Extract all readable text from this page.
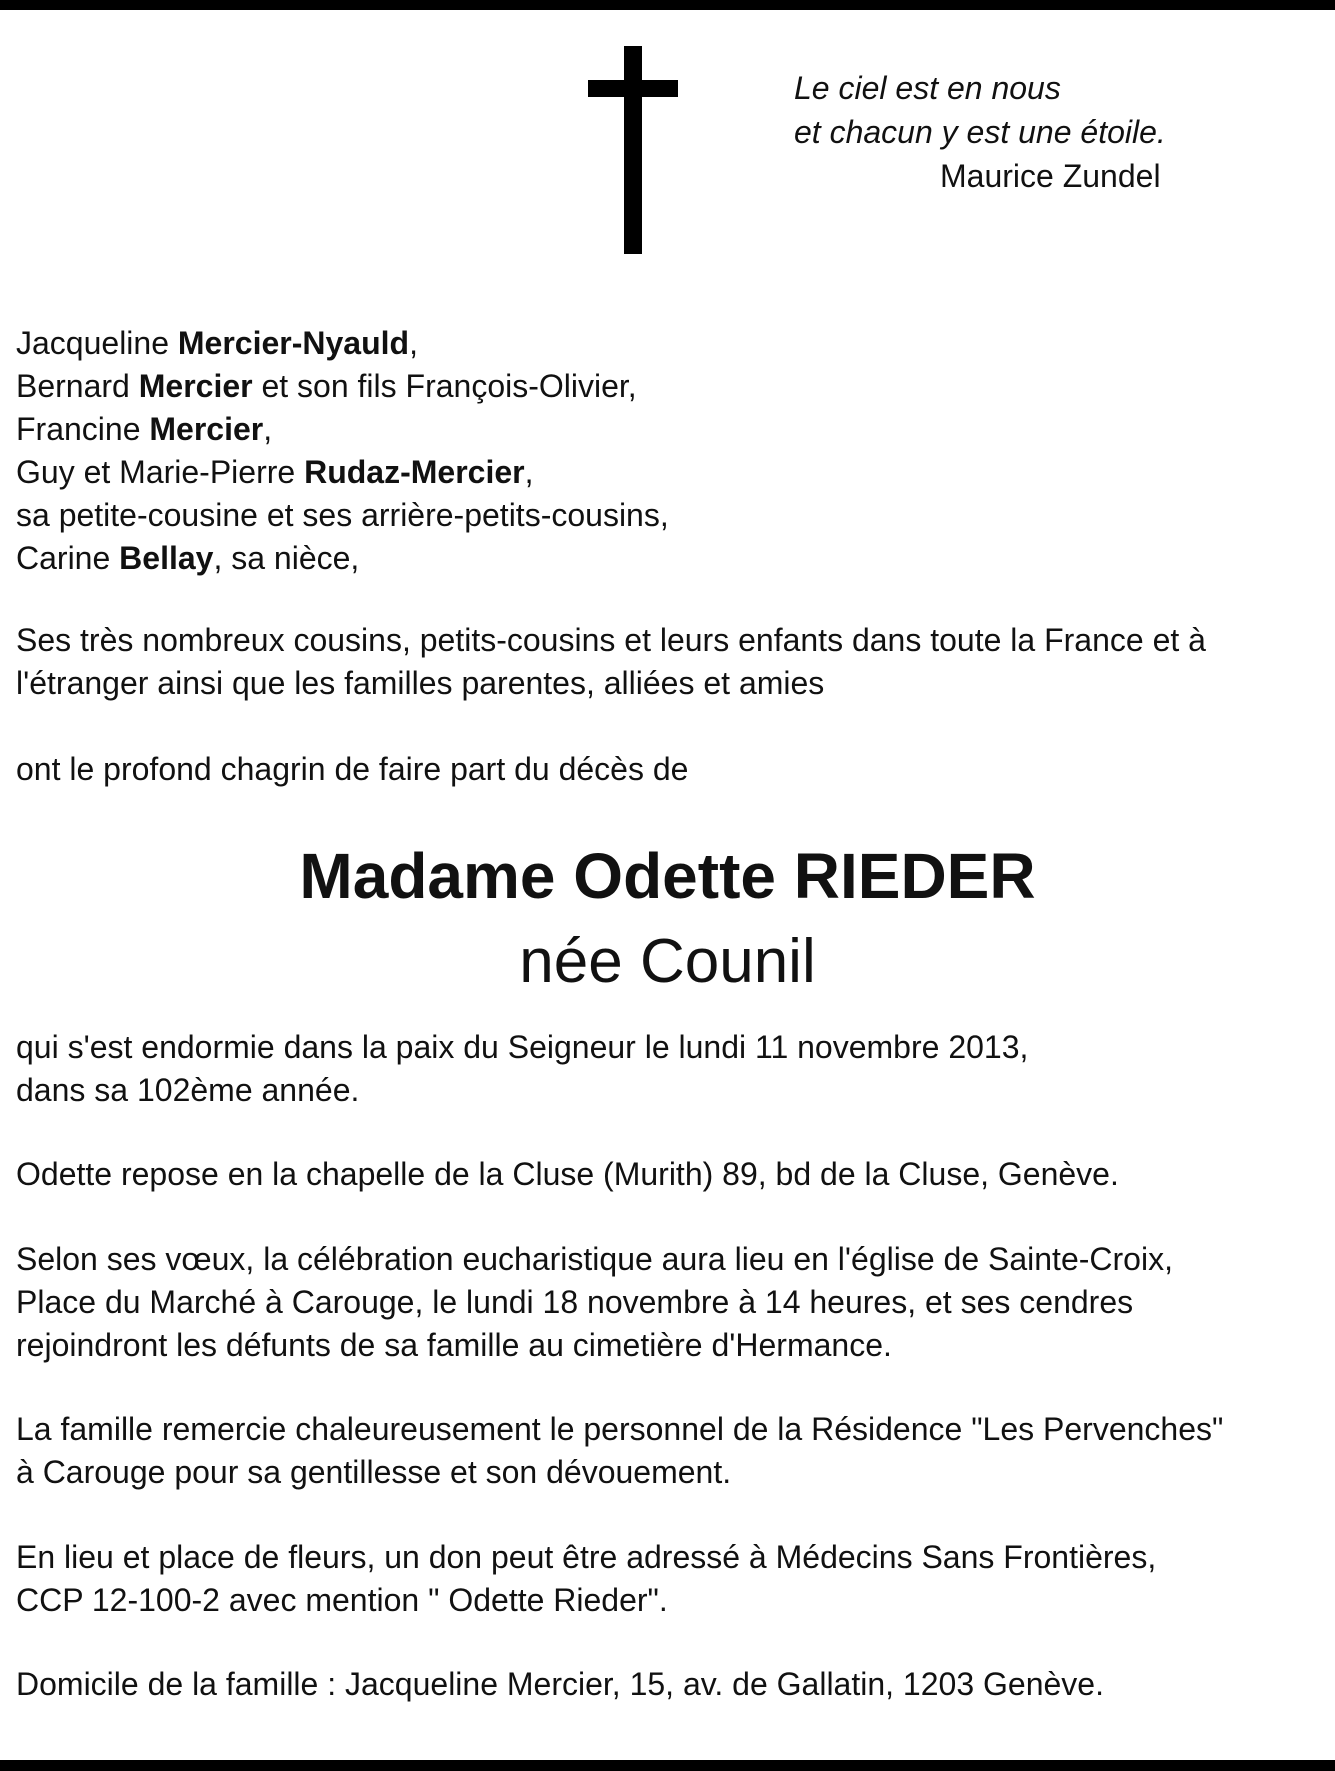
Le ciel est en nous
et chacun y est une étoile.
Maurice Zundel
Jacqueline Mercier-Nyauld,
Bernard Mercier et son fils François-Olivier,
Francine Mercier,
Guy et Marie-Pierre Rudaz-Mercier,
sa petite-cousine et ses arrière-petits-cousins,
Carine Bellay, sa nièce,
Ses très nombreux cousins, petits-cousins et leurs enfants dans toute la France et à
l'étranger ainsi que les familles parentes, alliées et amies
ont le profond chagrin de faire part du décès de
Madame Odette RIEDER
née Counil
qui s'est endormie dans la paix du Seigneur le lundi 11 novembre 2013,
dans sa 102ème année.
Odette repose en la chapelle de la Cluse (Murith) 89, bd de la Cluse, Genève.
Selon ses vœux, la célébration eucharistique aura lieu en l'église de Sainte-Croix,
Place du Marché à Carouge, le lundi 18 novembre à 14 heures, et ses cendres
rejoindront les défunts de sa famille au cimetière d'Hermance.
La famille remercie chaleureusement le personnel de la Résidence "Les Pervenches"
à Carouge pour sa gentillesse et son dévouement.
En lieu et place de fleurs, un don peut être adressé à Médecins Sans Frontières,
CCP 12-100-2 avec mention " Odette Rieder".
Domicile de la famille : Jacqueline Mercier, 15, av. de Gallatin, 1203 Genève.
